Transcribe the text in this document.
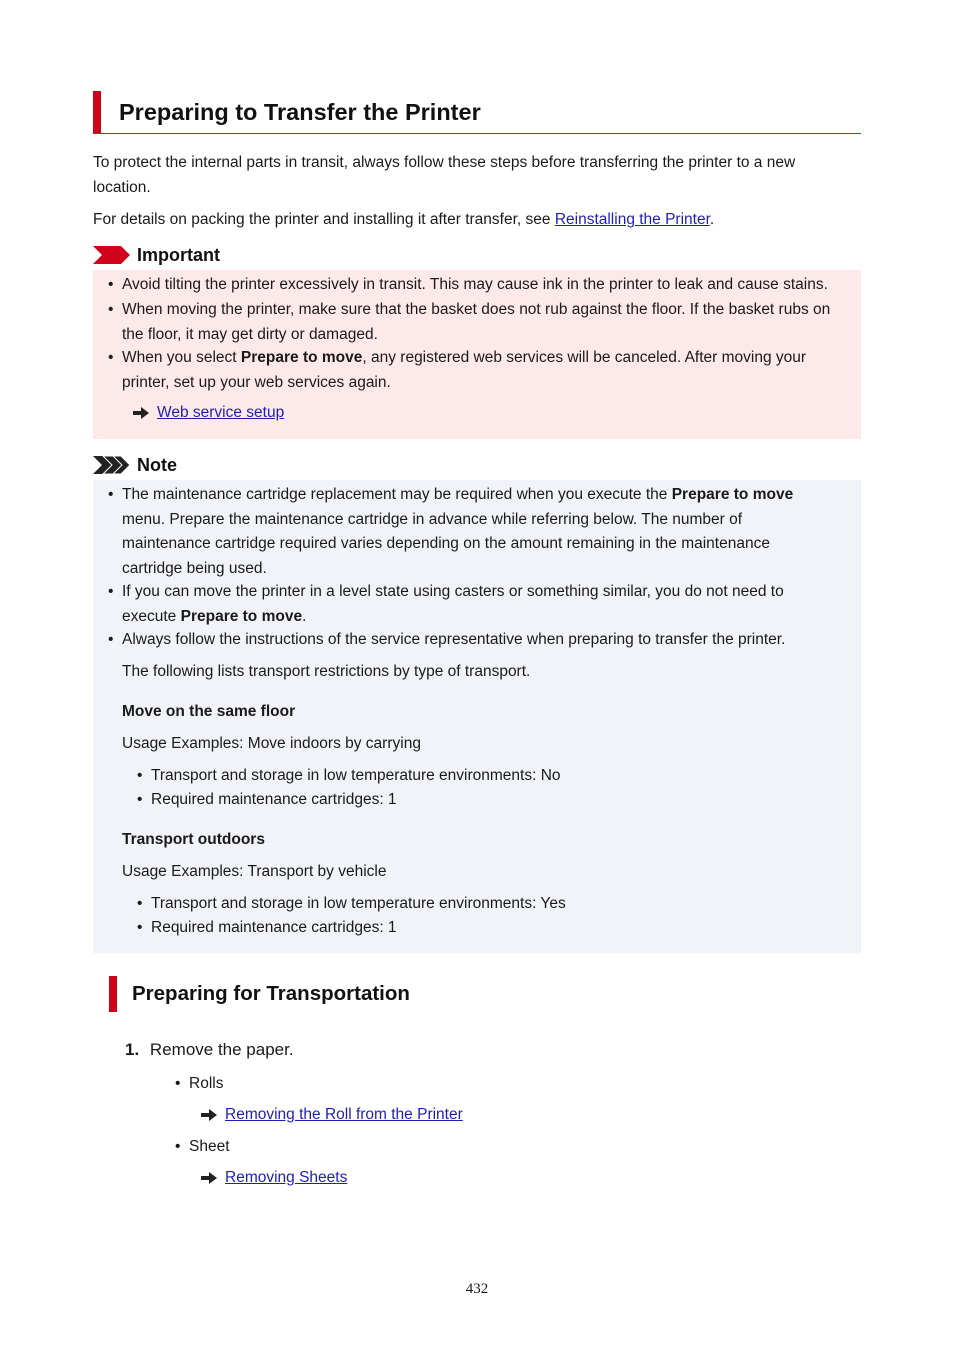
Preparing to Transfer the Printer
To protect the internal parts in transit, always follow these steps before transferring the printer to a new
location.
For details on packing the printer and installing it after transfer, see Reinstalling the Printer.
Important
• Avoid tilting the printer excessively in transit. This may cause ink in the printer to leak and cause stains.
• When moving the printer, make sure that the basket does not rub against the floor. If the basket rubs on
the floor, it may get dirty or damaged.
• When you select Prepare to move, any registered web services will be canceled. After moving your
printer, set up your web services again.
Web service setup
Note
• The maintenance cartridge replacement may be required when you execute the Prepare to move
menu. Prepare the maintenance cartridge in advance while referring below. The number of
maintenance cartridge required varies depending on the amount remaining in the maintenance
cartridge being used.
• If you can move the printer in a level state using casters or something similar, you do not need to
execute Prepare to move.
• Always follow the instructions of the service representative when preparing to transfer the printer.
The following lists transport restrictions by type of transport.
Move on the same floor
Usage Examples: Move indoors by carrying
• Transport and storage in low temperature environments: No
• Required maintenance cartridges: 1
Transport outdoors
Usage Examples: Transport by vehicle
• Transport and storage in low temperature environments: Yes
• Required maintenance cartridges: 1
Preparing for Transportation
1. Remove the paper.
• Rolls
Removing the Roll from the Printer
• Sheet
Removing Sheets
432
